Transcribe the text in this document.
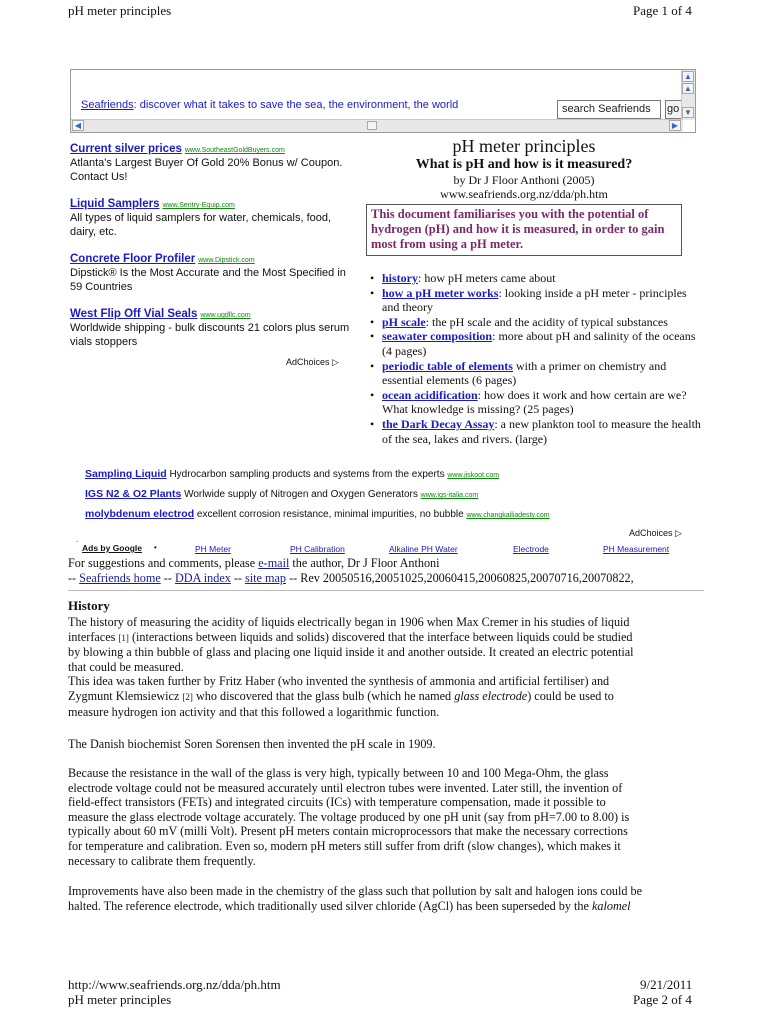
pH meter principles	Page 1 of 4
Seafriends: discover what it takes to save the sea, the environment, the world	search Seafriends	go
▲
▲
▼
◀	▶
Current silver prices www.SoutheastGoldBuyers.com
Atlanta's Largest Buyer Of Gold 20% Bonus w/ Coupon. Contact Us!
Liquid Samplers www.Sentry-Equip.com
All types of liquid samplers for water, chemicals, food, dairy, etc.
Concrete Floor Profiler www.Dipstick.com
Dipstick® Is the Most Accurate and the Most Specified in 59 Countries
West Flip Off Vial Seals www.ugdllc.com
Worldwide shipping - bulk discounts 21 colors plus serum vials stoppers
AdChoices ▷
pH meter principles
What is pH and how is it measured?
by Dr J Floor Anthoni (2005)
www.seafriends.org.nz/dda/ph.htm
This document familiarises you with the potential of hydrogen (pH) and how it is measured, in order to gain most from using a pH meter.
• history: how pH meters came about
• how a pH meter works: looking inside a pH meter - principles and theory
• pH scale: the pH scale and the acidity of typical substances
• seawater composition: more about pH and salinity of the oceans (4 pages)
• periodic table of elements with a primer on chemistry and essential elements (6 pages)
• ocean acidification: how does it work and how certain are we? What knowledge is missing? (25 pages)
• the Dark Decay Assay: a new plankton tool to measure the health of the sea, lakes and rivers. (large)
Sampling Liquid Hydrocarbon sampling products and systems from the experts www.jiskoot.com
IGS N2 & O2 Plants Worlwide supply of Nitrogen and Oxygen Generators www.igs-italia.com
molybdenum electrod excellent corrosion resistance, minimal impurities, no bubble www.changkailiadesty.com
AdChoices ▷
.
Ads by Google •	PH Meter	PH Calibration	Alkaline PH Water	Electrode	PH Measurement
For suggestions and comments, please e-mail the author, Dr J Floor Anthoni
-- Seafriends home -- DDA index -- site map -- Rev 20050516,20051025,20060415,20060825,20070716,20070822,
History
The history of measuring the acidity of liquids electrically began in 1906 when Max Cremer in his studies of liquid
interfaces [1] (interactions between liquids and solids) discovered that the interface between liquids could be studied
by blowing a thin bubble of glass and placing one liquid inside it and another outside. It created an electric potential
that could be measured.
This idea was taken further by Fritz Haber (who invented the synthesis of ammonia and artificial fertiliser) and
Zygmunt Klemsiewicz [2] who discovered that the glass bulb (which he named glass electrode) could be used to
measure hydrogen ion activity and that this followed a logarithmic function.
The Danish biochemist Soren Sorensen then invented the pH scale in 1909.
Because the resistance in the wall of the glass is very high, typically between 10 and 100 Mega-Ohm, the glass
electrode voltage could not be measured accurately until electron tubes were invented. Later still, the invention of
field-effect transistors (FETs) and integrated circuits (ICs) with temperature compensation, made it possible to
measure the glass electrode voltage accurately. The voltage produced by one pH unit (say from pH=7.00 to 8.00) is
typically about 60 mV (milli Volt). Present pH meters contain microprocessors that make the necessary corrections
for temperature and calibration. Even so, modern pH meters still suffer from drift (slow changes), which makes it
necessary to calibrate them frequently.
Improvements have also been made in the chemistry of the glass such that pollution by salt and halogen ions could be
halted. The reference electrode, which traditionally used silver chloride (AgCl) has been superseded by the kalomel
http://www.seafriends.org.nz/dda/ph.htm	9/21/2011
pH meter principles	Page 2 of 4
